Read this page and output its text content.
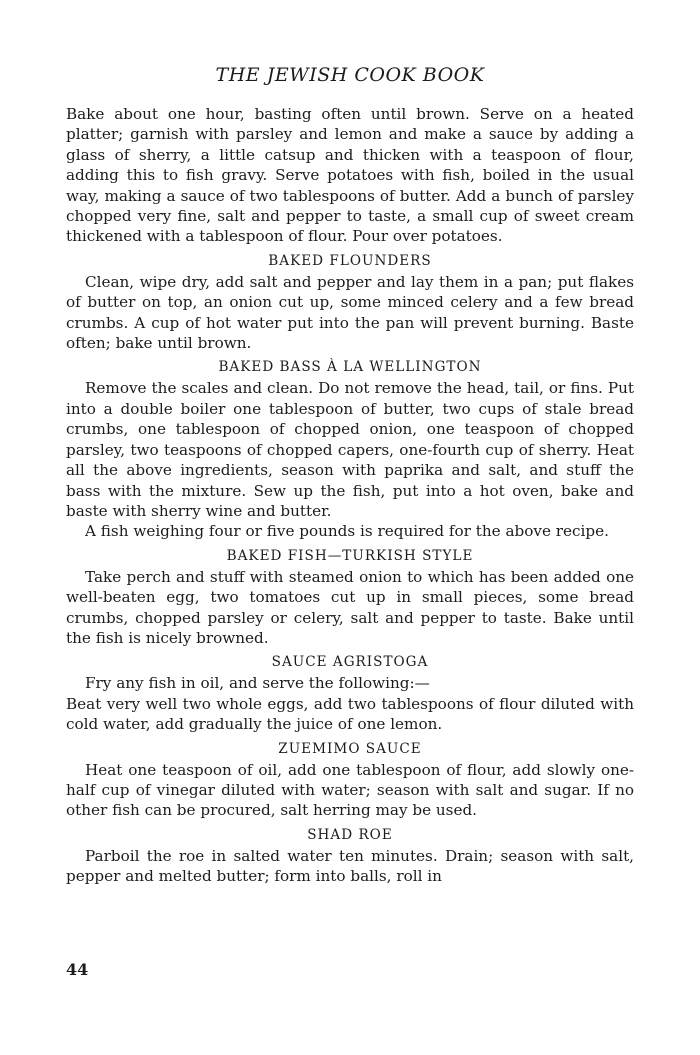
THE JEWISH COOK BOOK

Bake about one hour, basting often until brown. Serve on a heated platter; garnish with parsley and lemon and make a sauce by adding a glass of sherry, a little catsup and thicken with a teaspoon of flour, adding this to fish gravy. Serve potatoes with fish, boiled in the usual way, making a sauce of two tablespoons of butter. Add a bunch of parsley chopped very fine, salt and pepper to taste, a small cup of sweet cream thickened with a tablespoon of flour. Pour over potatoes.

BAKED FLOUNDERS

Clean, wipe dry, add salt and pepper and lay them in a pan; put flakes of butter on top, an onion cut up, some minced celery and a few bread crumbs. A cup of hot water put into the pan will prevent burning. Baste often; bake until brown.

BAKED BASS À LA WELLINGTON

Remove the scales and clean. Do not remove the head, tail, or fins. Put into a double boiler one tablespoon of butter, two cups of stale bread crumbs, one tablespoon of chopped onion, one teaspoon of chopped parsley, two teaspoons of chopped capers, one-fourth cup of sherry. Heat all the above ingredients, season with paprika and salt, and stuff the bass with the mixture. Sew up the fish, put into a hot oven, bake and baste with sherry wine and butter.

A fish weighing four or five pounds is required for the above recipe.

BAKED FISH—TURKISH STYLE

Take perch and stuff with steamed onion to which has been added one well-beaten egg, two tomatoes cut up in small pieces, some bread crumbs, chopped parsley or celery, salt and pepper to taste. Bake until the fish is nicely browned.

SAUCE AGRISTOGA

Fry any fish in oil, and serve the following:—

Beat very well two whole eggs, add two tablespoons of flour diluted with cold water, add gradually the juice of one lemon.

ZUEMIMO SAUCE

Heat one teaspoon of oil, add one tablespoon of flour, add slowly one-half cup of vinegar diluted with water; season with salt and sugar. If no other fish can be procured, salt herring may be used.

SHAD ROE

Parboil the roe in salted water ten minutes. Drain; season with salt, pepper and melted butter; form into balls, roll in

44
